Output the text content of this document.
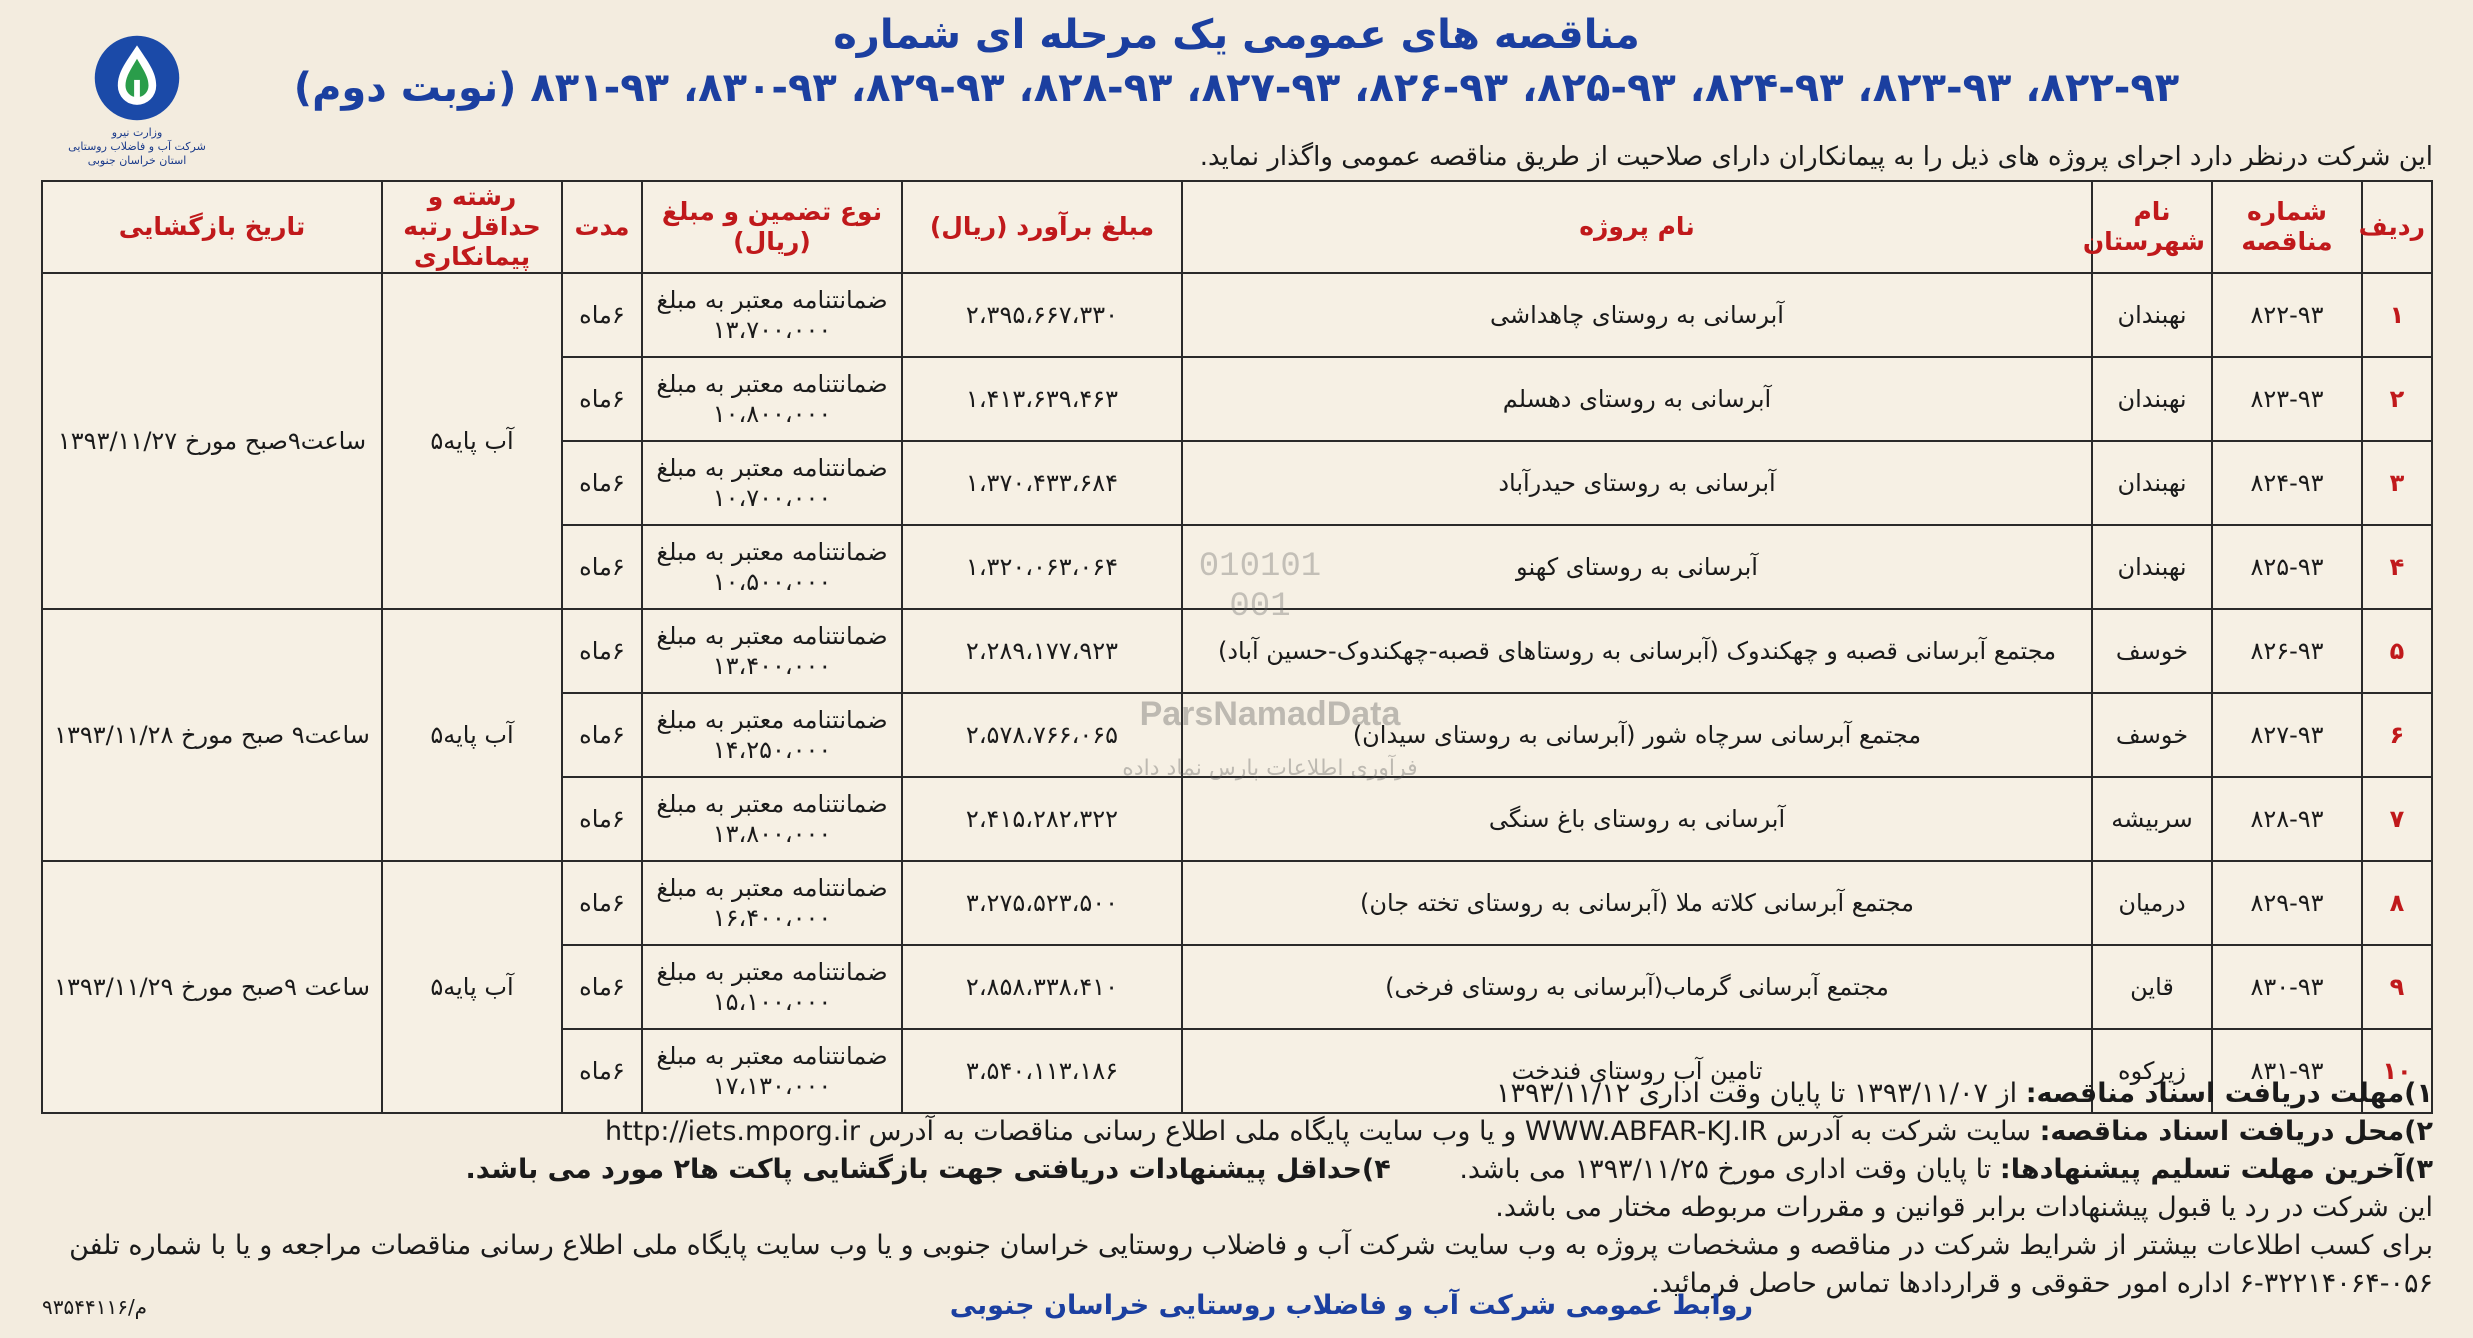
وزارت نیرو
شرکت آب و فاضلاب روستایی
استان خراسان جنوبی
مناقصه های عمومی یک مرحله ای شماره
۸۲۲-۹۳، ۸۲۳-۹۳، ۸۲۴-۹۳، ۸۲۵-۹۳، ۸۲۶-۹۳، ۸۲۷-۹۳، ۸۲۸-۹۳، ۸۲۹-۹۳، ۸۳۰-۹۳، ۸۳۱-۹۳ (نوبت دوم)
این شرکت درنظر دارد اجرای پروژه های ذیل را به پیمانکاران دارای صلاحیت از طریق مناقصه عمومی واگذار نماید.
ردیف	شماره مناقصه	نام شهرستان	نام پروژه	مبلغ برآورد (ریال)	نوع تضمین و مبلغ (ریال)	مدت	رشته و حداقل رتبه پیمانکاری	تاریخ بازگشایی
۱	۸۲۲-۹۳	نهبندان	آبرسانی به روستای چاهداشی	۲،۳۹۵،۶۶۷،۳۳۰	ضمانتنامه معتبر به مبلغ ۱۳،۷۰۰،۰۰۰	۶ماه	آب پایه۵	ساعت۹صبح مورخ ۱۳۹۳/۱۱/۲۷
۲	۸۲۳-۹۳	نهبندان	آبرسانی به روستای دهسلم	۱،۴۱۳،۶۳۹،۴۶۳	ضمانتنامه معتبر به مبلغ ۱۰،۸۰۰،۰۰۰	۶ماه		
۳	۸۲۴-۹۳	نهبندان	آبرسانی به روستای حیدرآباد	۱،۳۷۰،۴۳۳،۶۸۴	ضمانتنامه معتبر به مبلغ ۱۰،۷۰۰،۰۰۰	۶ماه		
۴	۸۲۵-۹۳	نهبندان	آبرسانی به روستای کهنو	۱،۳۲۰،۰۶۳،۰۶۴	ضمانتنامه معتبر به مبلغ ۱۰،۵۰۰،۰۰۰	۶ماه		
۵	۸۲۶-۹۳	خوسف	مجتمع آبرسانی قصبه و چهکندوک (آبرسانی به روستاهای قصبه-چهکندوک-حسین آباد)	۲،۲۸۹،۱۷۷،۹۲۳	ضمانتنامه معتبر به مبلغ ۱۳،۴۰۰،۰۰۰	۶ماه	آب پایه۵	ساعت۹ صبح مورخ ۱۳۹۳/۱۱/۲۸
۶	۸۲۷-۹۳	خوسف	مجتمع آبرسانی سرچاه شور (آبرسانی به روستای سیدان)	۲،۵۷۸،۷۶۶،۰۶۵	ضمانتنامه معتبر به مبلغ ۱۴،۲۵۰،۰۰۰	۶ماه		
۷	۸۲۸-۹۳	سربیشه	آبرسانی به روستای باغ سنگی	۲،۴۱۵،۲۸۲،۳۲۲	ضمانتنامه معتبر به مبلغ ۱۳،۸۰۰،۰۰۰	۶ماه		
۸	۸۲۹-۹۳	درمیان	مجتمع آبرسانی کلاته ملا (آبرسانی به روستای تخته جان)	۳،۲۷۵،۵۲۳،۵۰۰	ضمانتنامه معتبر به مبلغ ۱۶،۴۰۰،۰۰۰	۶ماه	آب پایه۵	ساعت ۹صبح مورخ ۱۳۹۳/۱۱/۲۹
۹	۸۳۰-۹۳	قاین	مجتمع آبرسانی گرماب(آبرسانی به روستای فرخی)	۲،۸۵۸،۳۳۸،۴۱۰	ضمانتنامه معتبر به مبلغ ۱۵،۱۰۰،۰۰۰	۶ماه		
۱۰	۸۳۱-۹۳	زیرکوه	تامین آب روستای فندخت	۳،۵۴۰،۱۱۳،۱۸۶	ضمانتنامه معتبر به مبلغ ۱۷،۱۳۰،۰۰۰	۶ماه		
010101
001
ParsNamadData
فرآوری اطلاعات پارس نماد داده
۱)مهلت دریافت اسناد مناقصه: از ۱۳۹۳/۱۱/۰۷ تا پایان وقت اداری ۱۳۹۳/۱۱/۱۲
۲)محل دریافت اسناد مناقصه: سایت شرکت به آدرس WWW.ABFAR-KJ.IR و یا وب سایت پایگاه ملی اطلاع رسانی مناقصات به آدرس http://iets.mporg.ir
۳)آخرین مهلت تسلیم پیشنهادها: تا پایان وقت اداری مورخ ۱۳۹۳/۱۱/۲۵ می باشد. ۴)حداقل پیشنهادات دریافتی جهت بازگشایی پاکت ها۲ مورد می باشد.
این شرکت در رد یا قبول پیشنهادات برابر قوانین و مقررات مربوطه مختار می باشد.
برای کسب اطلاعات بیشتر از شرایط شرکت در مناقصه و مشخصات پروژه به وب سایت شرکت آب و فاضلاب روستایی خراسان جنوبی و یا وب سایت پایگاه ملی اطلاع رسانی مناقصات مراجعه و یا با شماره تلفن
۶-۳۲۲۱۴۰۶۴-۰۵۶ اداره امور حقوقی و قراردادها تماس حاصل فرمائید.
روابط عمومی شرکت آب و فاضلاب روستایی خراسان جنوبی
م/۹۳۵۴۴۱۱۶
